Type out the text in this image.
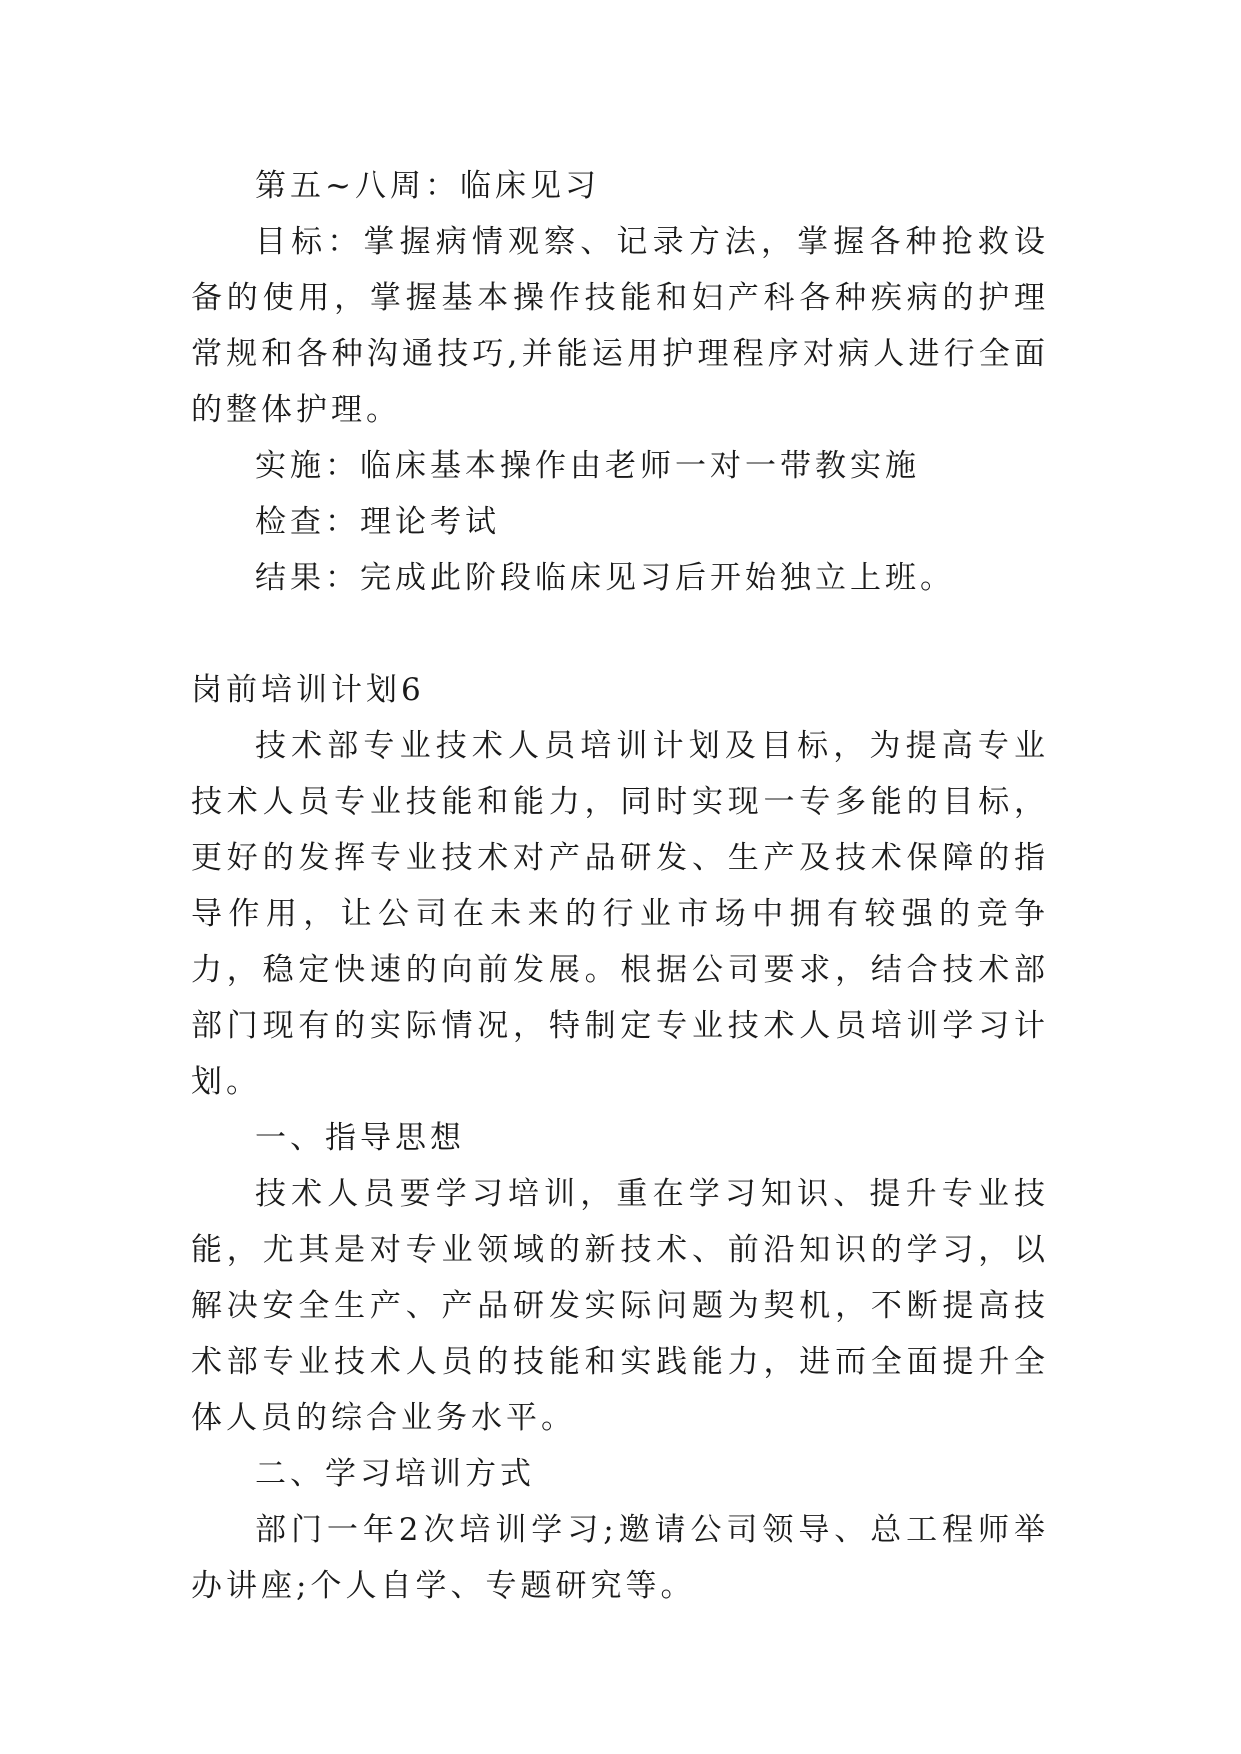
第五~八周：临床见习

目标：掌握病情观察、记录方法，掌握各种抢救设备的使用，掌握基本操作技能和妇产科各种疾病的护理常规和各种沟通技巧,并能运用护理程序对病人进行全面的整体护理。

实施：临床基本操作由老师一对一带教实施

检查：理论考试

结果：完成此阶段临床见习后开始独立上班。

岗前培训计划6

技术部专业技术人员培训计划及目标，为提高专业技术人员专业技能和能力，同时实现一专多能的目标，更好的发挥专业技术对产品研发、生产及技术保障的指导作用，让公司在未来的行业市场中拥有较强的竞争力，稳定快速的向前发展。根据公司要求，结合技术部部门现有的实际情况，特制定专业技术人员培训学习计划。

一、指导思想

技术人员要学习培训，重在学习知识、提升专业技能，尤其是对专业领域的新技术、前沿知识的学习，以解决安全生产、产品研发实际问题为契机，不断提高技术部专业技术人员的技能和实践能力，进而全面提升全体人员的综合业务水平。

二、学习培训方式

部门一年2次培训学习;邀请公司领导、总工程师举办讲座;个人自学、专题研究等。
